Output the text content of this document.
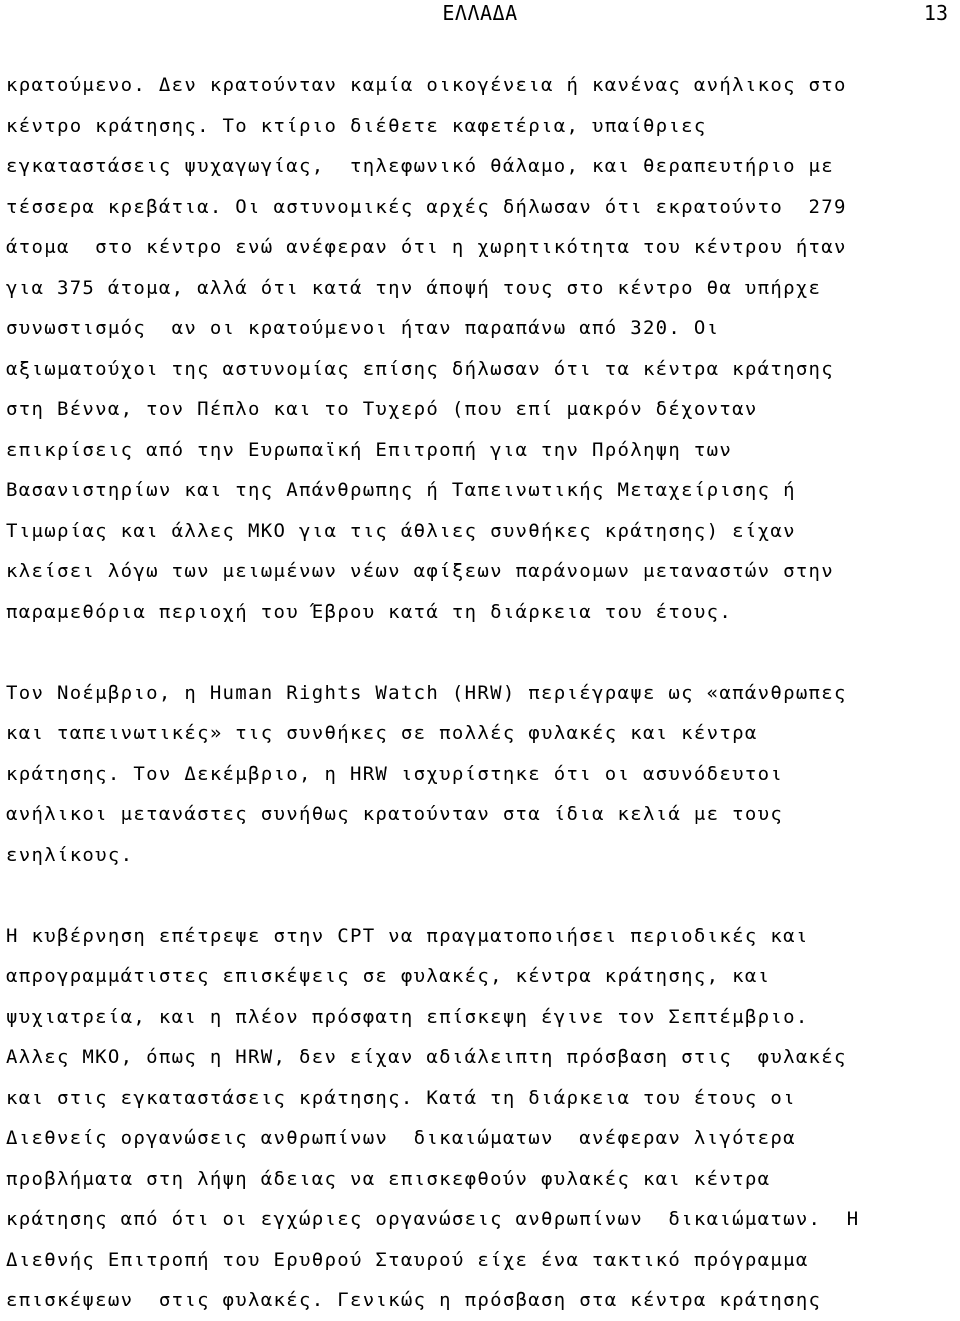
ΕΛΛΑΔΑ	13
κρατούμενο. Δεν κρατούνταν καμία οικογένεια ή κανένας ανήλικος στο
κέντρο κράτησης. Το κτίριο διέθετε καφετέρια, υπαίθριες
εγκαταστάσεις ψυχαγωγίας,  τηλεφωνικό θάλαμο, και θεραπευτήριο με
τέσσερα κρεβάτια. Οι αστυνομικές αρχές δήλωσαν ότι εκρατούντο  279
άτομα  στο κέντρο ενώ ανέφεραν ότι η χωρητικότητα του κέντρου ήταν
για 375 άτομα, αλλά ότι κατά την άποψή τους στο κέντρο θα υπήρχε
συνωστισμός  αν οι κρατούμενοι ήταν παραπάνω από 320. Οι
αξιωματούχοι της αστυνομίας επίσης δήλωσαν ότι τα κέντρα κράτησης
στη Βέννα, τον Πέπλο και το Τυχερό (που επί μακρόν δέχονταν
επικρίσεις από την Ευρωπαϊκή Επιτροπή για την Πρόληψη των
Βασανιστηρίων και της Απάνθρωπης ή Ταπεινωτικής Μεταχείρισης ή
Τιμωρίας και άλλες ΜΚΟ για τις άθλιες συνθήκες κράτησης) είχαν
κλείσει λόγω των μειωμένων νέων αφίξεων παράνομων μεταναστών στην
παραμεθόρια περιοχή του Έβρου κατά τη διάρκεια του έτους.
Τον Νοέμβριο, η Human Rights Watch (HRW) περιέγραψε ως «απάνθρωπες
και ταπεινωτικές» τις συνθήκες σε πολλές φυλακές και κέντρα
κράτησης. Τον Δεκέμβριο, η HRW ισχυρίστηκε ότι οι ασυνόδευτοι
ανήλικοι μετανάστες συνήθως κρατούνταν στα ίδια κελιά με τους
ενηλίκους.
Η κυβέρνηση επέτρεψε στην CPT να πραγματοποιήσει περιοδικές και
απρογραμμάτιστες επισκέψεις σε φυλακές, κέντρα κράτησης, και
ψυχιατρεία, και η πλέον πρόσφατη επίσκεψη έγινε τον Σεπτέμβριο.
Αλλες ΜΚΟ, όπως η HRW, δεν είχαν αδιάλειπτη πρόσβαση στις  φυλακές
και στις εγκαταστάσεις κράτησης. Κατά τη διάρκεια του έτους οι
Διεθνείς οργανώσεις ανθρωπίνων  δικαιώματων  ανέφεραν λιγότερα
προβλήματα στη λήψη άδειας να επισκεφθούν φυλακές και κέντρα
κράτησης από ότι οι εγχώριες οργανώσεις ανθρωπίνων  δικαιώματων.  Η
Διεθνής Επιτροπή του Ερυθρού Σταυρού είχε ένα τακτικό πρόγραμμα
επισκέψεων  στις φυλακές. Γενικώς η πρόσβαση στα κέντρα κράτησης
